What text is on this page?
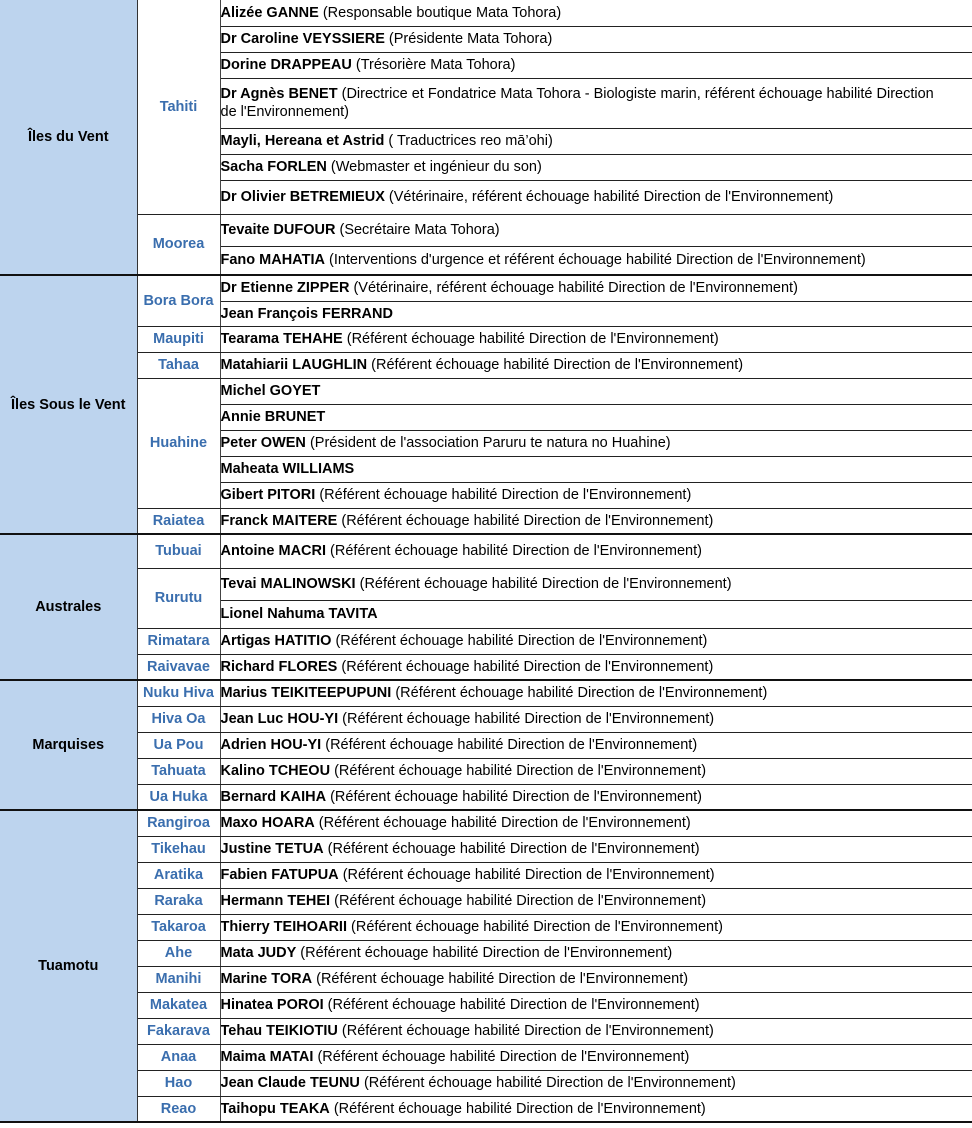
Îles du Vent	Tahiti	Alizée GANNE (Responsable boutique Mata Tohora)
		Dr Caroline VEYSSIERE (Présidente Mata Tohora)
		Dorine DRAPPEAU (Trésorière Mata Tohora)
		Dr Agnès BENET (Directrice et Fondatrice Mata Tohora - Biologiste marin, référent échouage habilité Direction de l'Environnement)
		Mayli, Hereana et Astrid ( Traductrices reo mā’ohi)
		Sacha FORLEN (Webmaster et ingénieur du son)
		Dr Olivier BETREMIEUX (Vétérinaire, référent échouage habilité Direction de l'Environnement)
	Moorea	Tevaite DUFOUR (Secrétaire Mata Tohora)
		Fano MAHATIA (Interventions d'urgence et référent échouage habilité Direction de l'Environnement)
Îles Sous le Vent	Bora Bora	Dr Etienne ZIPPER (Vétérinaire, référent échouage habilité Direction de l'Environnement)
		Jean François FERRAND
	Maupiti	Tearama TEHAHE (Référent échouage habilité Direction de l'Environnement)
	Tahaa	Matahiarii LAUGHLIN (Référent échouage habilité Direction de l'Environnement)
	Huahine	Michel GOYET
		Annie BRUNET
		Peter OWEN (Président de l'association Paruru te natura no Huahine)
		Maheata WILLIAMS
		Gibert PITORI (Référent échouage habilité Direction de l'Environnement)
	Raiatea	Franck MAITERE (Référent échouage habilité Direction de l'Environnement)
Australes	Tubuai	Antoine MACRI (Référent échouage habilité Direction de l'Environnement)
	Rurutu	Tevai MALINOWSKI (Référent échouage habilité Direction de l'Environnement)
		Lionel Nahuma TAVITA
	Rimatara	Artigas HATITIO (Référent échouage habilité Direction de l'Environnement)
	Raivavae	Richard FLORES (Référent échouage habilité Direction de l'Environnement)
Marquises	Nuku Hiva	Marius TEIKITEEPUPUNI (Référent échouage habilité Direction de l'Environnement)
	Hiva Oa	Jean Luc HOU-YI (Référent échouage habilité Direction de l'Environnement)
	Ua Pou	Adrien HOU-YI (Référent échouage habilité Direction de l'Environnement)
	Tahuata	Kalino TCHEOU (Référent échouage habilité Direction de l'Environnement)
	Ua Huka	Bernard KAIHA (Référent échouage habilité Direction de l'Environnement)
Tuamotu	Rangiroa	Maxo HOARA (Référent échouage habilité Direction de l'Environnement)
	Tikehau	Justine TETUA (Référent échouage habilité Direction de l'Environnement)
	Aratika	Fabien FATUPUA (Référent échouage habilité Direction de l'Environnement)
	Raraka	Hermann TEHEI (Référent échouage habilité Direction de l'Environnement)
	Takaroa	Thierry TEIHOARII (Référent échouage habilité Direction de l'Environnement)
	Ahe	Mata JUDY (Référent échouage habilité Direction de l'Environnement)
	Manihi	Marine TORA (Référent échouage habilité Direction de l'Environnement)
	Makatea	Hinatea POROI (Référent échouage habilité Direction de l'Environnement)
	Fakarava	Tehau TEIKIOTIU (Référent échouage habilité Direction de l'Environnement)
	Anaa	Maima MATAI (Référent échouage habilité Direction de l'Environnement)
	Hao	Jean Claude TEUNU (Référent échouage habilité Direction de l'Environnement)
	Reao	Taihopu TEAKA (Référent échouage habilité Direction de l'Environnement)
